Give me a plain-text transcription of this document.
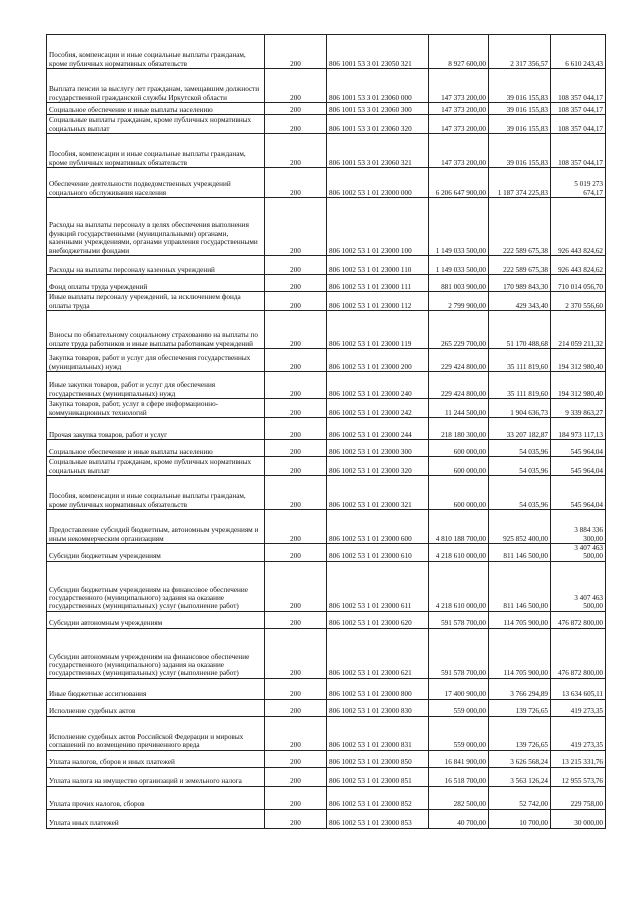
Пособия, компенсации и иные социальные выплаты гражданам, кроме публичных нормативных обязательств	200	806 1001 53 3 01 23050 321	8 927 600,00	2 317 356,57	6 610 243,43
Выплата пенсии за выслугу лет гражданам, замещавшим должности государственной гражданской службы Иркутской области	200	806 1001 53 3 01 23060 000	147 373 200,00	39 016 155,83	108 357 044,17
Социальное обеспечение и иные выплаты населению	200	806 1001 53 3 01 23060 300	147 373 200,00	39 016 155,83	108 357 044,17
Социальные выплаты гражданам, кроме публичных нормативных социальных выплат	200	806 1001 53 3 01 23060 320	147 373 200,00	39 016 155,83	108 357 044,17
Пособия, компенсации и иные социальные выплаты гражданам, кроме публичных нормативных обязательств	200	806 1001 53 3 01 23060 321	147 373 200,00	39 016 155,83	108 357 044,17
Обеспечение деятельности подведомственных учреждений социального обслуживания населения	200	806 1002 53 1 01 23000 000	6 206 647 900,00	1 187 374 225,83	5 019 273 674,17
Расходы на выплаты персоналу в целях обеспечения выполнения функций государственными (муниципальными) органами, казенными учреждениями, органами управления государственными внебюджетными фондами	200	806 1002 53 1 01 23000 100	1 149 033 500,00	222 589 675,38	926 443 824,62
Расходы на выплаты персоналу казенных учреждений	200	806 1002 53 1 01 23000 110	1 149 033 500,00	222 589 675,38	926 443 824,62
Фонд оплаты труда учреждений	200	806 1002 53 1 01 23000 111	881 003 900,00	170 989 843,30	710 014 056,70
Иные выплаты персоналу учреждений, за исключением фонда оплаты труда	200	806 1002 53 1 01 23000 112	2 799 900,00	429 343,40	2 370 556,60
Взносы по обязательному социальному страхованию на выплаты по оплате труда работников и иные выплаты работникам учреждений	200	806 1002 53 1 01 23000 119	265 229 700,00	51 170 488,68	214 059 211,32
Закупка товаров, работ и услуг для обеспечения государственных (муниципальных) нужд	200	806 1002 53 1 01 23000 200	229 424 800,00	35 111 819,60	194 312 980,40
Иные закупки товаров, работ и услуг для обеспечения государственных (муниципальных) нужд	200	806 1002 53 1 01 23000 240	229 424 800,00	35 111 819,60	194 312 980,40
Закупка товаров, работ, услуг в сфере информационно-коммуникационных технологий	200	806 1002 53 1 01 23000 242	11 244 500,00	1 904 636,73	9 339 863,27
Прочая закупка товаров, работ и услуг	200	806 1002 53 1 01 23000 244	218 180 300,00	33 207 182,87	184 973 117,13
Социальное обеспечение и иные выплаты населению	200	806 1002 53 1 01 23000 300	600 000,00	54 035,96	545 964,04
Социальные выплаты гражданам, кроме публичных нормативных социальных выплат	200	806 1002 53 1 01 23000 320	600 000,00	54 035,96	545 964,04
Пособия, компенсации и иные социальные выплаты гражданам, кроме публичных нормативных обязательств	200	806 1002 53 1 01 23000 321	600 000,00	54 035,96	545 964,04
Предоставление субсидий бюджетным, автономным учреждениям и иным некоммерческим организациям	200	806 1002 53 1 01 23000 600	4 810 188 700,00	925 852 400,00	3 884 336 300,00
Субсидии бюджетным учреждениям	200	806 1002 53 1 01 23000 610	4 218 610 000,00	811 146 500,00	3 407 463 500,00
Субсидии бюджетным учреждениям на финансовое обеспечение государственного (муниципального) задания на оказание государственных (муниципальных) услуг (выполнение работ)	200	806 1002 53 1 01 23000 611	4 218 610 000,00	811 146 500,00	3 407 463 500,00
Субсидии автономным учреждениям	200	806 1002 53 1 01 23000 620	591 578 700,00	114 705 900,00	476 872 800,00
Субсидии автономным учреждениям на финансовое обеспечение государственного (муниципального) задания на оказание государственных (муниципальных) услуг (выполнение работ)	200	806 1002 53 1 01 23000 621	591 578 700,00	114 705 900,00	476 872 800,00
Иные бюджетные ассигнования	200	806 1002 53 1 01 23000 800	17 400 900,00	3 766 294,89	13 634 605,11
Исполнение судебных актов	200	806 1002 53 1 01 23000 830	559 000,00	139 726,65	419 273,35
Исполнение судебных актов Российской Федерации и мировых соглашений по возмещению причиненного вреда	200	806 1002 53 1 01 23000 831	559 000,00	139 726,65	419 273,35
Уплата налогов, сборов и иных платежей	200	806 1002 53 1 01 23000 850	16 841 900,00	3 626 568,24	13 215 331,76
Уплата налога на имущество организаций и земельного налога	200	806 1002 53 1 01 23000 851	16 518 700,00	3 563 126,24	12 955 573,76
Уплата прочих налогов, сборов	200	806 1002 53 1 01 23000 852	282 500,00	52 742,00	229 758,00
Уплата иных платежей	200	806 1002 53 1 01 23000 853	40 700,00	10 700,00	30 000,00
